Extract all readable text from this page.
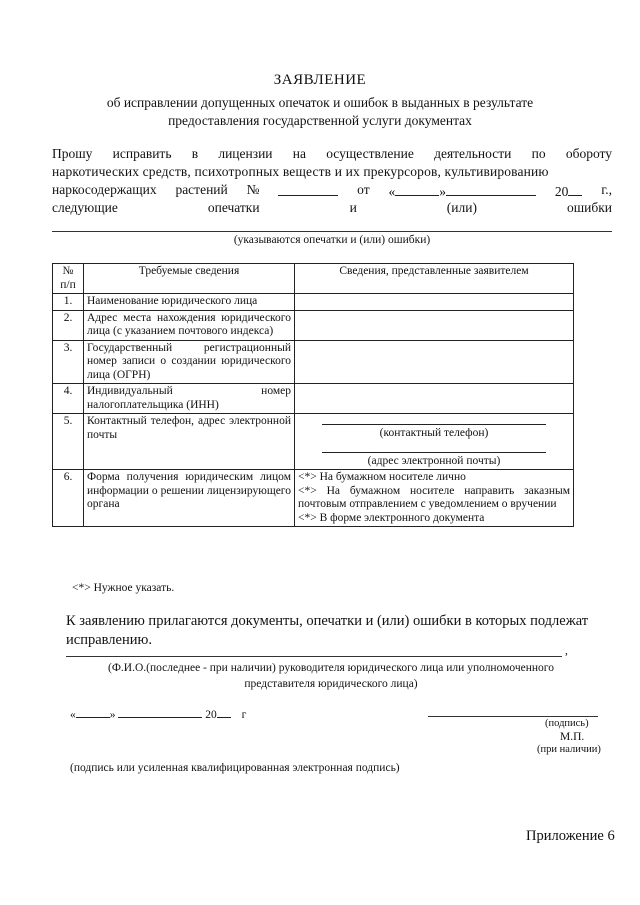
ЗАЯВЛЕНИЕ
об исправлении допущенных опечаток и ошибок в выданных в результате
предоставления государственной услуги документах
Прошу исправить в лицензии на осуществление деятельности по обороту
наркотических средств, психотропных веществ и их прекурсоров, культивированию
наркосодержащих растений №	от «	»	20	г.,
следующие	опечатки	и	(или)	ошибки
(указываются опечатки и (или) ошибки)
№
п/п	Требуемые сведения	Сведения, представленные заявителем
1.	Наименование юридического лица	
2.	Адрес места нахождения юридического лица (с указанием почтового индекса)	
3.	Государственный регистрационный номер записи о создании юридического лица (ОГРН)	
4.	Индивидуальный номер налогоплательщика (ИНН)	
5.	Контактный телефон, адрес электронной почты	(контактный телефон)
(адрес электронной почты)

6.	Форма получения юридическим лицом информации о решении лицензирующего органа	<*> На бумажном носителе лично
<*> На бумажном носителе направить заказным почтовым отправлением с уведомлением о вручении
<*> В форме электронного документа
<*> Нужное указать.
К заявлению прилагаются документы, опечатки и (или) ошибки в которых подлежат исправлению.
,
(Ф.И.О.(последнее - при наличии) руководителя юридического лица или уполномоченного
представителя юридического лица)
«	»	20 г
(подпись)
М.П.
(при наличии)
(подпись или усиленная квалифицированная электронная подпись)
Приложение 6
